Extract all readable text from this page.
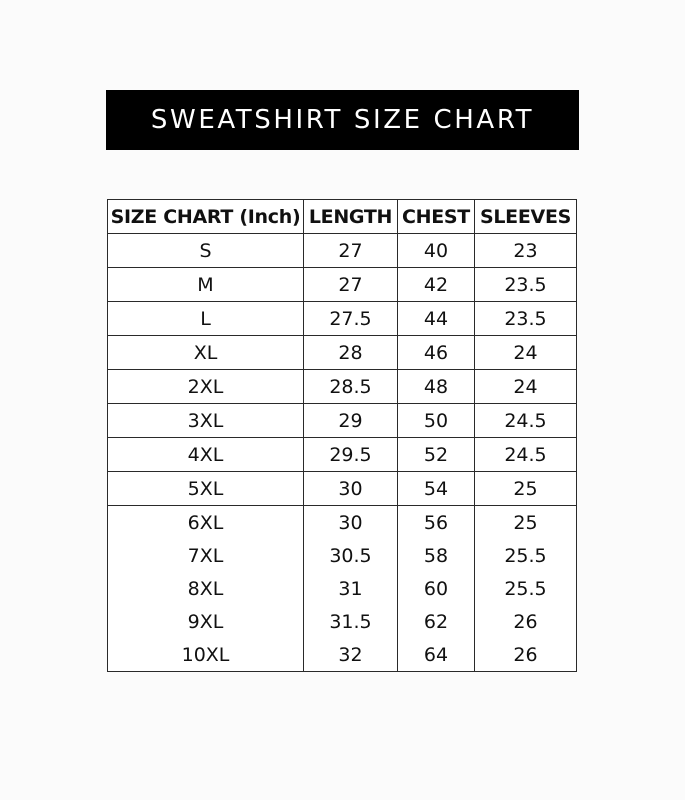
SWEATSHIRT SIZE CHART
SIZE CHART (Inch)	LENGTH	CHEST	SLEEVES
S	27	40	23
M	27	42	23.5
L	27.5	44	23.5
XL	28	46	24
2XL	28.5	48	24
3XL	29	50	24.5
4XL	29.5	52	24.5
5XL	30	54	25
6XL	30	56	25
7XL	30.5	58	25.5
8XL	31	60	25.5
9XL	31.5	62	26
10XL	32	64	26
